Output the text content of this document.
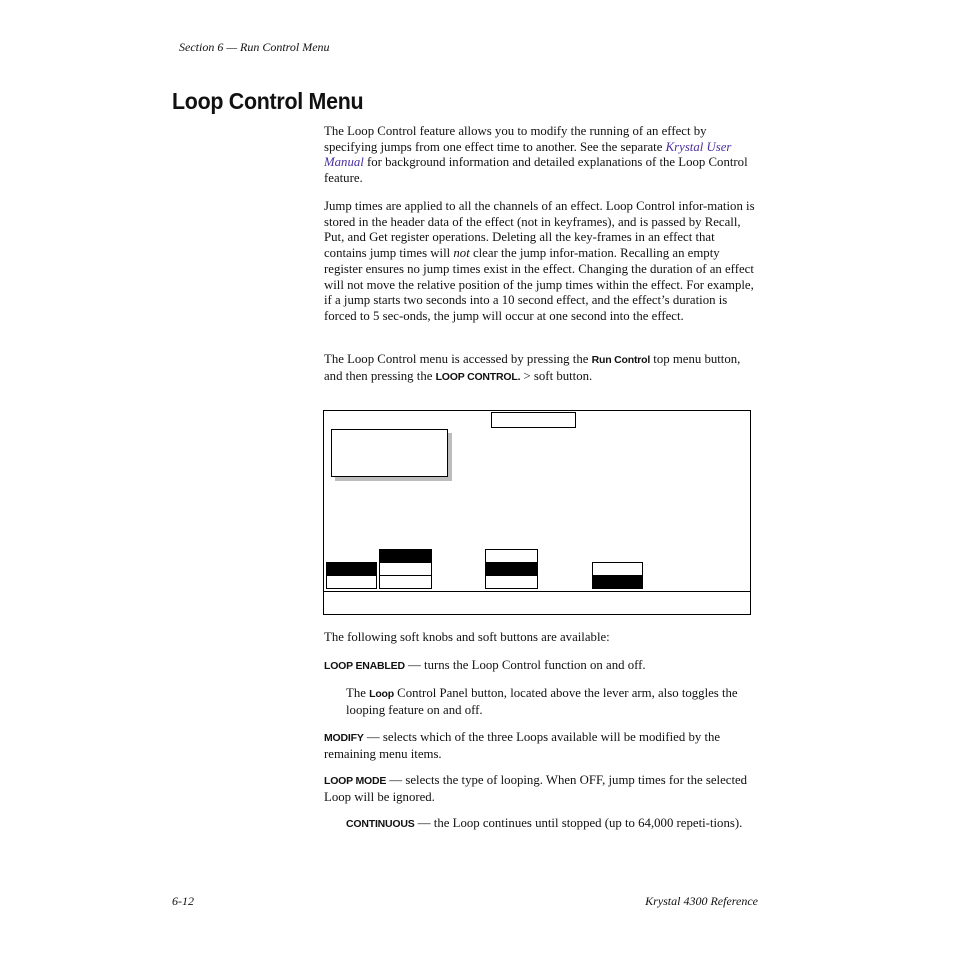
Section 6 — Run Control Menu
Loop Control Menu

The Loop Control feature allows you to modify the running of an effect by specifying jumps from one effect time to another. See the separate Krystal User Manual for background information and detailed explanations of the Loop Control feature.

Jump times are applied to all the channels of an effect. Loop Control infor-mation is stored in the header data of the effect (not in keyframes), and is passed by Recall, Put, and Get register operations. Deleting all the key-frames in an effect that contains jump times will not clear the jump infor-mation. Recalling an empty register ensures no jump times exist in the effect. Changing the duration of an effect will not move the relative position of the jump times within the effect. For example, if a jump starts two seconds into a 10 second effect, and the effect’s duration is forced to 5 sec-onds, the jump will occur at one second into the effect.

The Loop Control menu is accessed by pressing the Run Control top menu button, and then pressing the LOOP CONTROL. > soft button.

The following soft knobs and soft buttons are available:

LOOP ENABLED — turns the Loop Control function on and off.

The Loop Control Panel button, located above the lever arm, also toggles the looping feature on and off.

MODIFY — selects which of the three Loops available will be modified by the remaining menu items.

LOOP MODE — selects the type of looping. When OFF, jump times for the selected Loop will be ignored.

CONTINUOUS — the Loop continues until stopped (up to 64,000 repeti-tions).

6-12	Krystal 4300 Reference
